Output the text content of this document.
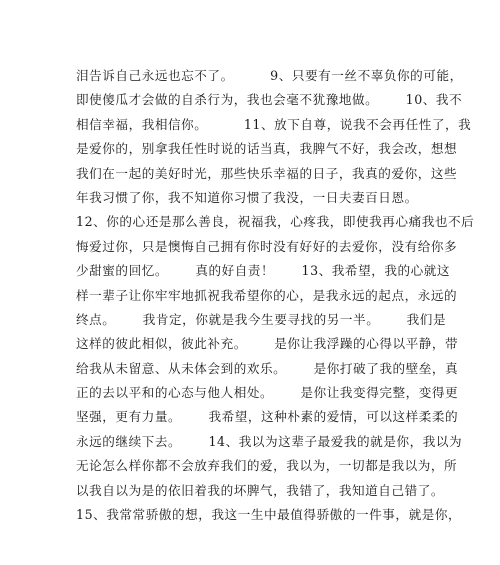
泪告诉自己永远也忘不了。        9、只要有一丝不辜负你的可能，
即使傻瓜才会做的自杀行为，我也会毫不犹豫地做。      10、我不
相信幸福，我相信你。        11、放下自尊，说我不会再任性了，我
是爱你的，别拿我任性时说的话当真，我脾气不好，我会改，想想
我们在一起的美好时光，那些快乐幸福的日子，我真的爱你，这些
年我习惯了你，我不知道你习惯了我没，一日夫妻百日恩。
12、你的心还是那么善良，祝福我，心疼我，即使我再心痛我也不后
悔爱过你，只是懊悔自己拥有你时没有好好的去爱你，没有给你多
少甜蜜的回忆。      真的好自责！      13、我希望，我的心就这
样一辈子让你牢牢地抓祝我希望你的心，是我永远的起点，永远的
终点。      我肯定，你就是我今生要寻找的另一半。      我们是
这样的彼此相似，彼此补充。      是你让我浮躁的心得以平静，带
给我从未留意、从未体会到的欢乐。      是你打破了我的壁垒，真
正的去以平和的心态与他人相处。      是你让我变得完整，变得更
坚强，更有力量。      我希望，这种朴素的爱情，可以这样柔柔的
永远的继续下去。      14、我以为这辈子最爱我的就是你，我以为
无论怎么样你都不会放弃我们的爱，我以为，一切都是我以为，所
以我自以为是的依旧着我的坏脾气，我错了，我知道自己错了。
15、我常常骄傲的想，我这一生中最值得骄傲的一件事，就是你，
